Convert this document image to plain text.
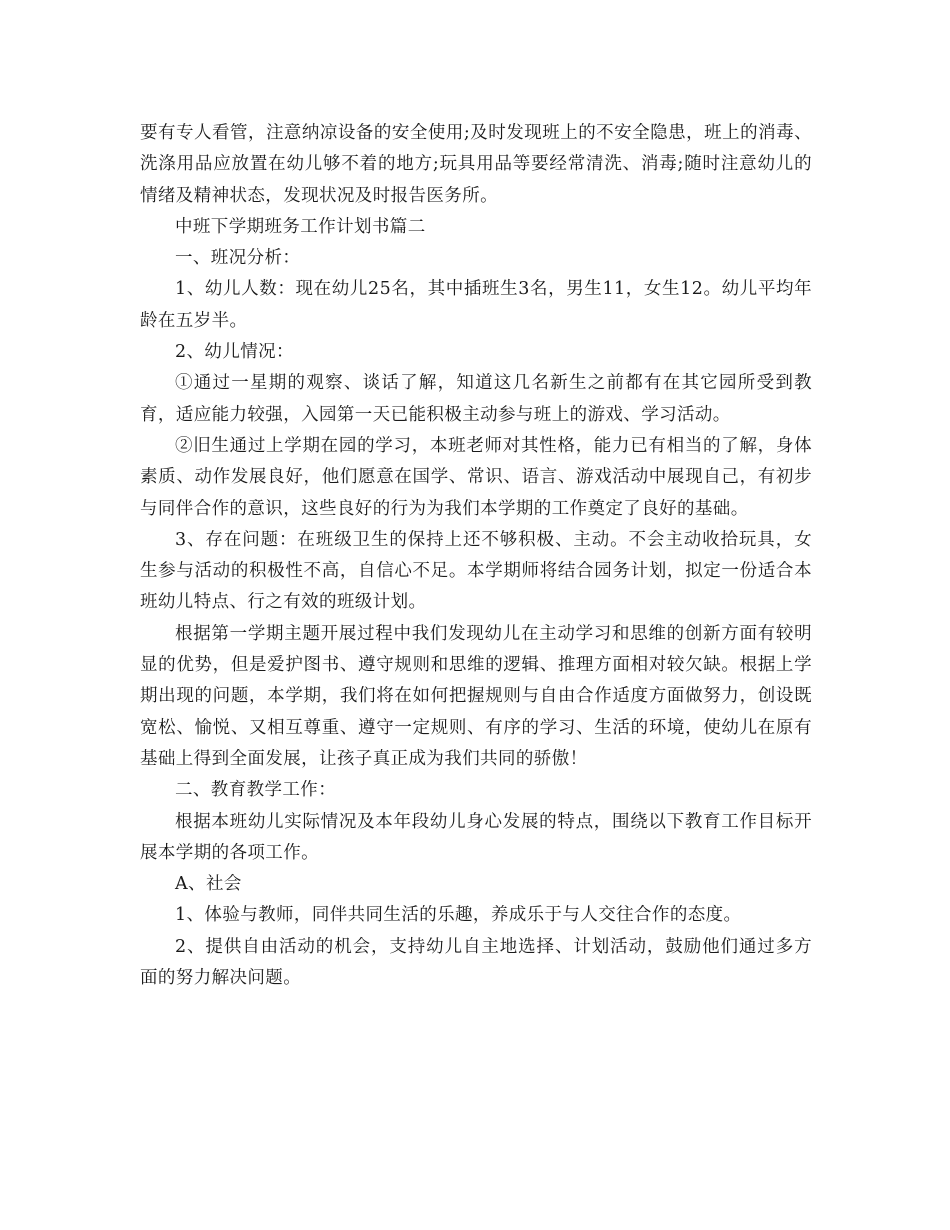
要有专人看管，注意纳凉设备的安全使用;及时发现班上的不安全隐患，班上的消毒、洗涤用品应放置在幼儿够不着的地方;玩具用品等要经常清洗、消毒;随时注意幼儿的情绪及精神状态，发现状况及时报告医务所。

中班下学期班务工作计划书篇二

一、班况分析：

1、幼儿人数：现在幼儿25名，其中插班生3名，男生11，女生12。幼儿平均年龄在五岁半。

2、幼儿情况：

①通过一星期的观察、谈话了解，知道这几名新生之前都有在其它园所受到教育，适应能力较强，入园第一天已能积极主动参与班上的游戏、学习活动。

②旧生通过上学期在园的学习，本班老师对其性格，能力已有相当的了解，身体素质、动作发展良好，他们愿意在国学、常识、语言、游戏活动中展现自己，有初步与同伴合作的意识，这些良好的行为为我们本学期的工作奠定了良好的基础。

3、存在问题：在班级卫生的保持上还不够积极、主动。不会主动收拾玩具，女生参与活动的积极性不高，自信心不足。本学期师将结合园务计划，拟定一份适合本班幼儿特点、行之有效的班级计划。

根据第一学期主题开展过程中我们发现幼儿在主动学习和思维的创新方面有较明显的优势，但是爱护图书、遵守规则和思维的逻辑、推理方面相对较欠缺。根据上学期出现的问题，本学期，我们将在如何把握规则与自由合作适度方面做努力，创设既宽松、愉悦、又相互尊重、遵守一定规则、有序的学习、生活的环境，使幼儿在原有基础上得到全面发展，让孩子真正成为我们共同的骄傲！

二、教育教学工作：

根据本班幼儿实际情况及本年段幼儿身心发展的特点，围绕以下教育工作目标开展本学期的各项工作。

A、社会

1、体验与教师，同伴共同生活的乐趣，养成乐于与人交往合作的态度。

2、提供自由活动的机会，支持幼儿自主地选择、计划活动，鼓励他们通过多方面的努力解决问题。
